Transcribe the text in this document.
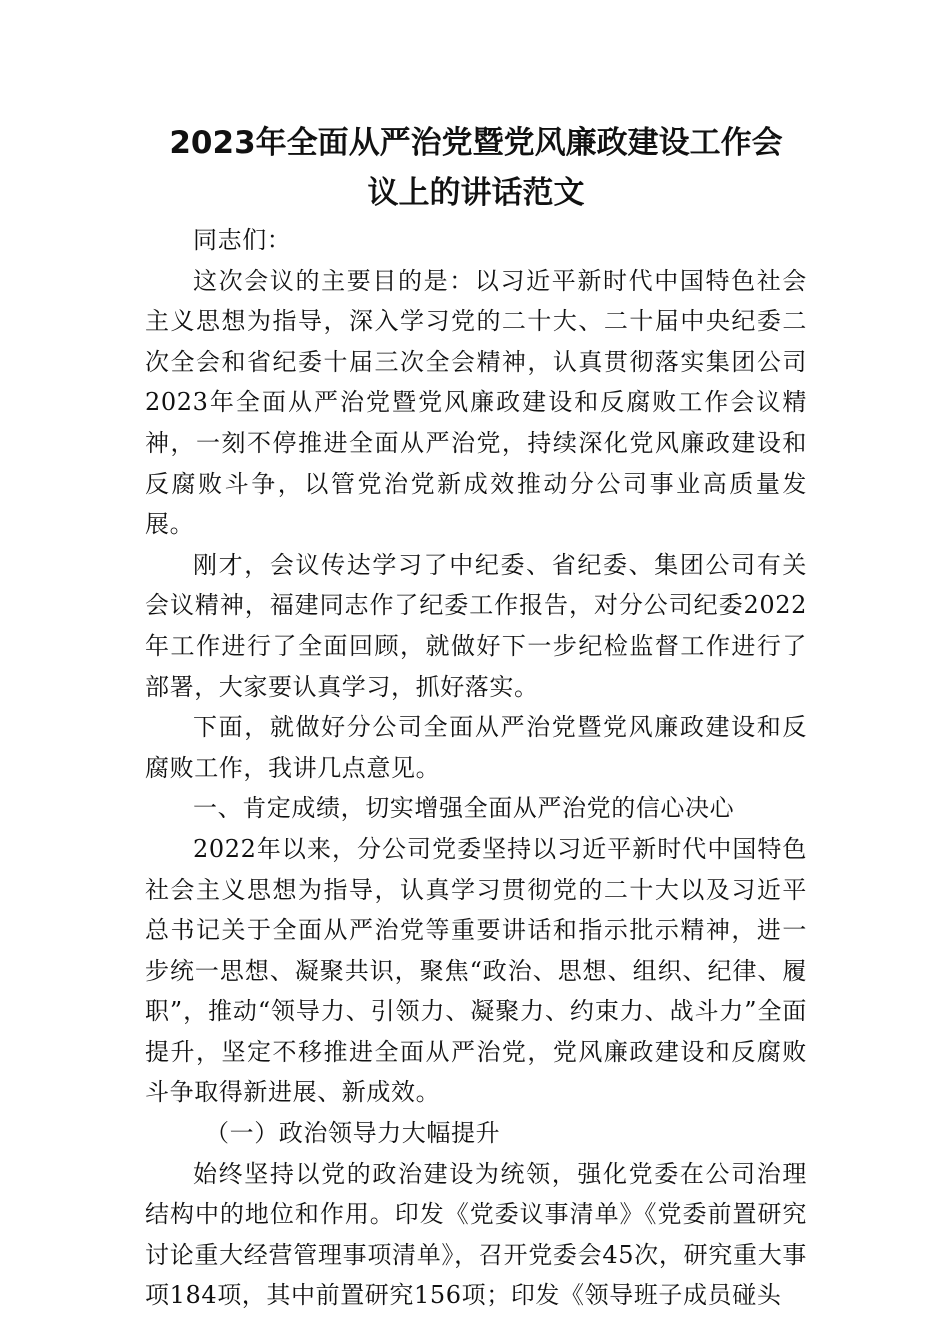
2023年全面从严治党暨党风廉政建设工作会
议上的讲话范文

同志们：

这次会议的主要目的是：以习近平新时代中国特色社会主义思想为指导，深入学习党的二十大、二十届中央纪委二次全会和省纪委十届三次全会精神，认真贯彻落实集团公司2023年全面从严治党暨党风廉政建设和反腐败工作会议精神，一刻不停推进全面从严治党，持续深化党风廉政建设和反腐败斗争，以管党治党新成效推动分公司事业高质量发展。

刚才，会议传达学习了中纪委、省纪委、集团公司有关会议精神，福建同志作了纪委工作报告，对分公司纪委2022年工作进行了全面回顾，就做好下一步纪检监督工作进行了部署，大家要认真学习，抓好落实。

下面，就做好分公司全面从严治党暨党风廉政建设和反腐败工作，我讲几点意见。

一、肯定成绩，切实增强全面从严治党的信心决心

2022年以来，分公司党委坚持以习近平新时代中国特色社会主义思想为指导，认真学习贯彻党的二十大以及习近平总书记关于全面从严治党等重要讲话和指示批示精神，进一步统一思想、凝聚共识，聚焦“政治、思想、组织、纪律、履职”，推动“领导力、引领力、凝聚力、约束力、战斗力”全面提升，坚定不移推进全面从严治党，党风廉政建设和反腐败斗争取得新进展、新成效。

（一）政治领导力大幅提升

始终坚持以党的政治建设为统领，强化党委在公司治理结构中的地位和作用。印发《党委议事清单》《党委前置研究讨论重大经营管理事项清单》，召开党委会45次，研究重大事项184项，其中前置研究156项；印发《领导班子成员碰头
